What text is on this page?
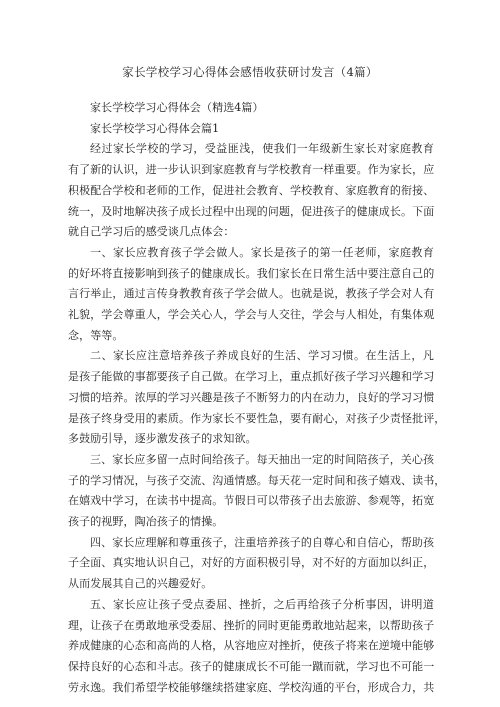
家长学校学习心得体会感悟收获研讨发言（4篇）
家长学校学习心得体会（精选4篇）
家长学校学习心得体会篇1
经过家长学校的学习，受益匪浅，使我们一年级新生家长对家庭教育
有了新的认识，进一步认识到家庭教育与学校教育一样重要。作为家长，应
积极配合学校和老师的工作，促进社会教育、学校教育、家庭教育的衔接、
统一，及时地解决孩子成长过程中出现的问题，促进孩子的健康成长。下面
就自己学习后的感受谈几点体会：
一、家长应教育孩子学会做人。家长是孩子的第一任老师，家庭教育
的好坏将直接影响到孩子的健康成长。我们家长在日常生活中要注意自己的
言行举止，通过言传身教教育孩子学会做人。也就是说，教孩子学会对人有
礼貌，学会尊重人，学会关心人，学会与人交往，学会与人相处，有集体观
念，等等。
二、家长应注意培养孩子养成良好的生活、学习习惯。在生活上，凡
是孩子能做的事都要孩子自己做。在学习上，重点抓好孩子学习兴趣和学习
习惯的培养。浓厚的学习兴趣是孩子不断努力的内在动力，良好的学习习惯
是孩子终身受用的素质。作为家长不要性急，要有耐心，对孩子少责怪批评，
多鼓励引导，逐步激发孩子的求知欲。
三、家长应多留一点时间给孩子。每天抽出一定的时间陪孩子，关心孩
子的学习情况，与孩子交流、沟通情感。每天花一定时间和孩子嬉戏、读书，
在嬉戏中学习，在读书中提高。节假日可以带孩子出去旅游、参观等，拓宽
孩子的视野，陶冶孩子的情操。
四、家长应理解和尊重孩子，注重培养孩子的自尊心和自信心，帮助孩
子全面、真实地认识自己，对好的方面积极引导，对不好的方面加以纠正，
从而发展其自己的兴趣爱好。
五、家长应让孩子受点委屈、挫折，之后再给孩子分析事因，讲明道
理，让孩子在勇敢地承受委屈、挫折的同时更能勇敢地站起来，以帮助孩子
养成健康的心态和高尚的人格，从容地应对挫折，使孩子将来在逆境中能够
保持良好的心态和斗志。孩子的健康成长不可能一蹴而就，学习也不可能一
劳永逸。我们希望学校能够继续搭建家庭、学校沟通的平台，形成合力，共
